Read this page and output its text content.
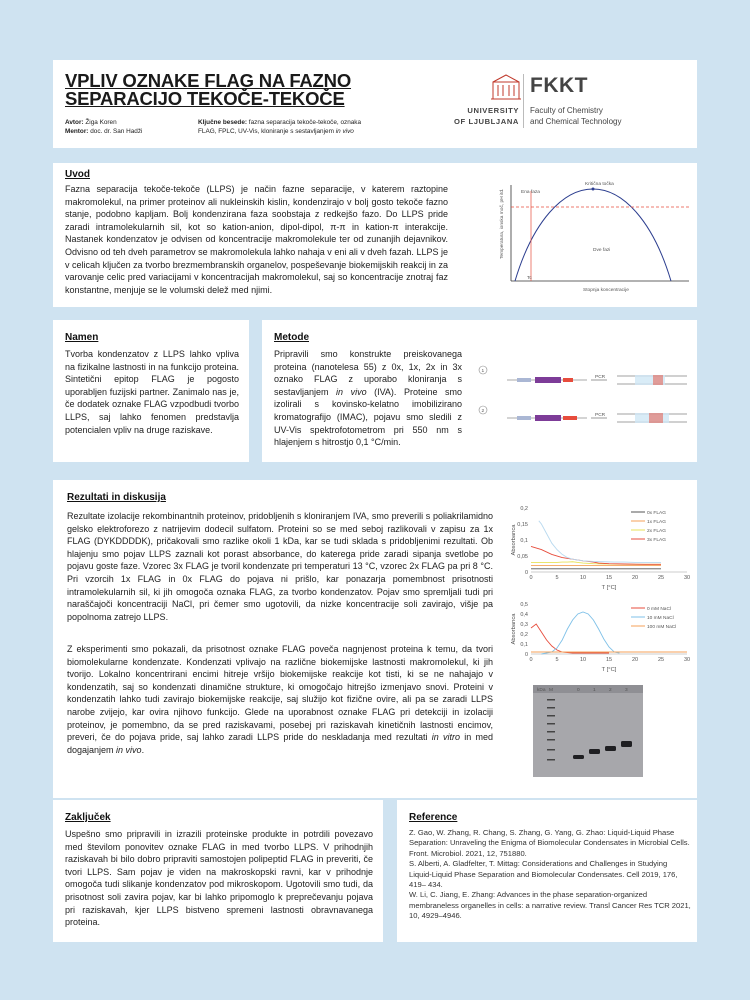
VPLIV OZNAKE FLAG NA FAZNO
SEPARACIJO TEKOČE-TEKOČE
Avtor: Žiga Koren
Mentor: doc. dr. San Hadži
Ključne besede: fazna separacija tekoče-tekoče, oznaka FLAG, FPLC, UV-Vis, kloniranje s sestavljanjem in vivo
FKKT
UNIVERSITY
OF LJUBLJANA
Faculty of Chemistry
and Chemical Technology
Uvod
Fazna separacija tekoče-tekoče (LLPS) je način fazne separacije, v katerem raztopine makromolekul, na primer proteinov ali nukleinskih kislin, kondenzirajo v bolj gosto tekoče fazno stanje, podobno kapljam. Bolj kondenzirana faza soobstaja z redkejšo fazo. Do LLPS pride zaradi intramolekularnih sil, kot so kation-anion, dipol-dipol, π-π in kation-π interakcije. Nastanek kondenzatov je odvisen od koncentracije makromolekule ter od zunanjih dejavnikov. Odvisno od teh dveh parametrov se makromolekula lahko nahaja v eni ali v dveh fazah. LLPS je v celicah ključen za tvorbo brezmembranskih organelov, pospeševanje biokemijskih reakcij in za varovanje celic pred variacijami v koncentracijah makromolekul, saj so koncentracije znotraj faz konstantne, menjuje se le volumski delež med njimi.
Ena faza
Kritična točka
Dve fazi
Tc
Stopnja koncentracije
Temperatura, ionska moč, pH itd.
Namen
Tvorba kondenzatov z LLPS lahko vpliva na fizikalne lastnosti in na funkcijo proteina. Sintetični epitop FLAG je pogosto uporabljen fuzijski partner. Zanimalo nas je, če dodatek oznake FLAG vzpodbudi tvorbo LLPS, saj lahko fenomen predstavlja potencialen vpliv na druge raziskave.
Metode
Pripravili smo konstrukte preiskovanega proteina (nanotelesa 55) z 0x, 1x, 2x in 3x oznako FLAG z uporabo kloniranja s sestavljanjem in vivo (IVA). Proteine smo izolirali s kovinsko-kelatno imobilizirano kromatografijo (IMAC), pojavu smo sledili z UV-Vis spektrofotometrom pri 550 nm s hlajenjem s hitrostjo 0,1 °C/min.
1
PCR
2
PCR
Rezultati in diskusija
Rezultate izolacije rekombinantnih proteinov, pridobljenih s kloniranjem IVA, smo preverili s poliakrilamidno gelsko elektroforezo z natrijevim dodecil sulfatom. Proteini so se med seboj razlikovali v zapisu za 1x FLAG (DYKDDDDK), pričakovali smo razlike okoli 1 kDa, kar se tudi sklada s pridobljenimi rezultati. Ob hlajenju smo pojav LLPS zaznali kot porast absorbance, do katerega pride zaradi sipanja svetlobe po pojavu goste faze. Vzorec 3x FLAG je tvoril kondenzate pri temperaturi 13 °C, vzorec 2x FLAG pa pri 8 °C. Pri vzorcih 1x FLAG in 0x FLAG do pojava ni prišlo, kar ponazarja pomembnost prisotnosti intramolekularnih sil, ki jih omogoča oznaka FLAG, za tvorbo kondenzatov. Pojav smo spremljali tudi pri naraščajoči koncentraciji NaCl, pri čemer smo ugotovili, da nizke koncentracije soli zavirajo, višje pa popolnoma zatrejo LLPS.
Z eksperimenti smo pokazali, da prisotnost oznake FLAG poveča nagnjenost proteina k temu, da tvori biomolekularne kondenzate. Kondenzati vplivajo na različne biokemijske lastnosti makromolekul, ki jih tvorijo. Lokalno koncentrirani encimi hitreje vršijo biokemijske reakcije kot tisti, ki se ne nahajajo v kondenzatih, saj so kondenzati dinamične strukture, ki omogočajo hitrejšo izmenjavo snovi. Proteini v kondenzatih lahko tudi zavirajo biokemijske reakcije, saj služijo kot fizične ovire, ali pa se zaradi LLPS narobe zvijejo, kar ovira njihovo funkcijo. Glede na uporabnost oznake FLAG pri detekciji in izolaciji proteinov, je pomembno, da se pred raziskavami, posebej pri raziskavah kinetičnih lastnosti encimov, preveri, če do pojava pride, saj lahko zaradi LLPS pride do neskladanja med rezultati in vitro in med dogajanjem in vivo.
0	5	10	15	20	25	30
0
0,05
0,1
0,15
0,2
T [°C]
Absorbanca
0x FLAG
1x FLAG
2x FLAG
3x FLAG
0	5	10	15	20	25	30
0
0,1
0,2
0,3
0,4
0,5
T [°C]
Absorbanca
0 mM NaCl
10 mM NaCl
100 mM NaCl
kDa M	0	1	2	3
Zaključek
Uspešno smo pripravili in izrazili proteinske produkte in potrdili povezavo med številom ponovitev oznake FLAG in med tvorbo LLPS. V prihodnjih raziskavah bi bilo dobro pripraviti samostojen polipeptid FLAG in preveriti, če tvori LLPS. Sam pojav je viden na makroskopski ravni, kar v prihodnje omogoča tudi slikanje kondenzatov pod mikroskopom. Ugotovili smo tudi, da prisotnost soli zavira pojav, kar bi lahko pripomoglo k preprečevanju pojava pri raziskavah, kjer LLPS bistveno spremeni lastnosti obravnavanega proteina.
Reference
Z. Gao, W. Zhang, R. Chang, S. Zhang, G. Yang, G. Zhao: Liquid-Liquid Phase Separation: Unraveling the Enigma of Biomolecular Condensates in Microbial Cells. Front. Microbiol. 2021, 12, 751880.
S. Alberti, A. Gladfelter, T. Mittag: Considerations and Challenges in Studying Liquid-Liquid Phase Separation and Biomolecular Condensates. Cell 2019, 176, 419– 434.
W. Li, C. Jiang, E. Zhang: Advances in the phase separation-organized membraneless organelles in cells: a narrative review. Transl Cancer Res TCR 2021, 10, 4929–4946.
